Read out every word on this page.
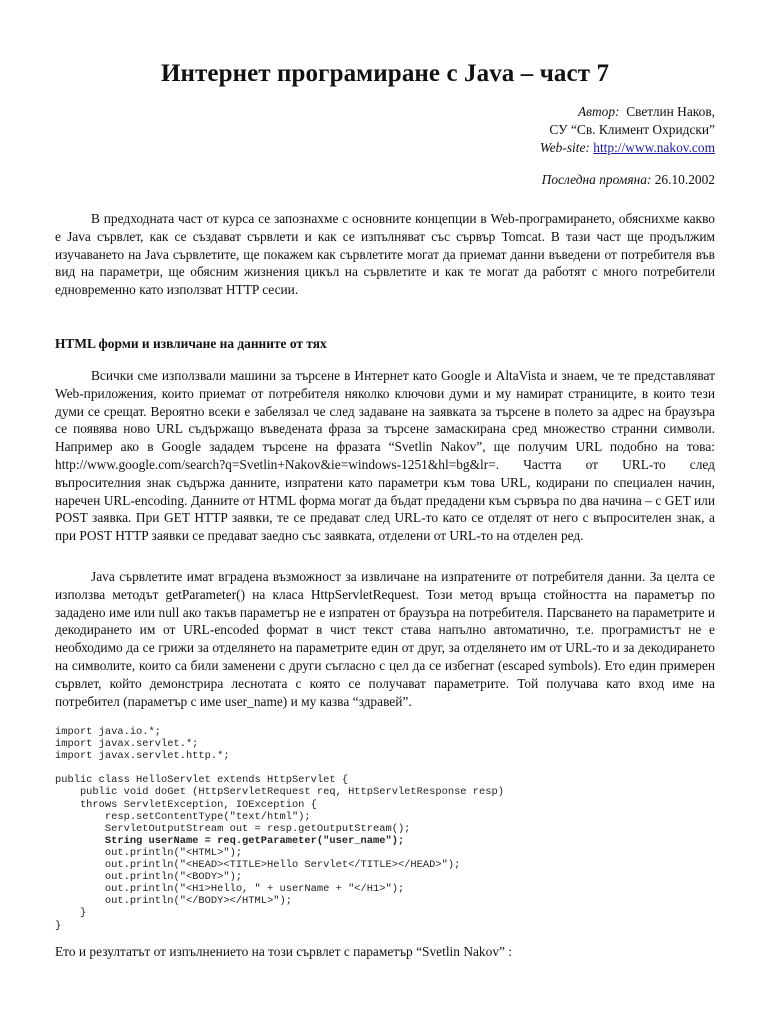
Интернет програмиране с Java – част 7
Автор: Светлин Наков,
СУ “Св. Климент Охридски”
Web-site: http://www.nakov.com
Последна промяна: 26.10.2002

В предходната част от курса се запознахме с основните концепции в Web-програмирането, обяснихме какво е Java сървлет, как се създават сървлети и как се изпълняват със сървър Tomcat. В тази част ще продължим изучаването на Java сървлетите, ще покажем как сървлетите могат да приемат данни въведени от потребителя във вид на параметри, ще обясним жизнения цикъл на сървлетите и как те могат да работят с много потребители едновременно като използват HTTP сесии.

HTML форми и извличане на данните от тях

Всички сме използвали машини за търсене в Интернет като Google и AltaVista и знаем, че те представляват Web-приложения, които приемат от потребителя няколко ключови думи и му намират страниците, в които тези думи се срещат. Вероятно всеки е забелязал че след задаване на заявката за търсене в полето за адрес на браузъра се появява ново URL съдържащо въведената фраза за търсене замаскирана сред множество странни символи. Например ако в Google зададем търсене на фразата “Svetlin Nakov”, ще получим URL подобно на това: http://www.google.com/search?q=Svetlin+Nakov&ie=windows-1251&hl=bg&lr=. Частта от URL-то след въпросителния знак съдържа данните, изпратени като параметри към това URL, кодирани по специален начин, наречен URL-encoding. Данните от HTML форма могат да бъдат предадени към сървъра по два начина – с GET или POST заявка. При GET HTTP заявки, те се предават след URL-то като се отделят от него с въпросителен знак, а при POST HTTP заявки се предават заедно със заявката, отделени от URL-то на отделен ред.

Java сървлетите имат вградена възможност за извличане на изпратените от потребителя данни. За целта се използва методът getParameter() на класа HttpServletRequest. Този метод връща стойността на параметър по зададено име или null ако такъв параметър не е изпратен от браузъра на потребителя. Парсването на параметрите и декодирането им от URL-encoded формат в чист текст става напълно автоматично, т.е. програмистът не е необходимо да се грижи за отделянето на параметрите един от друг, за отделянето им от URL-то и за декодирането на символите, които са били заменени с други съгласно с цел да се избегнат (escaped symbols). Ето един примерен сървлет, който демонстрира леснотата с която се получават параметрите. Той получава като вход име на потребител (параметър с име user_name) и му казва “здравей”.

import java.io.*;
import javax.servlet.*;
import javax.servlet.http.*;

public class HelloServlet extends HttpServlet {
public void doGet (HttpServletRequest req, HttpServletResponse resp)
throws ServletException, IOException {
resp.setContentType("text/html");
ServletOutputStream out = resp.getOutputStream();
String userName = req.getParameter("user_name");
out.println("<HTML>");
out.println("<HEAD><TITLE>Hello Servlet</TITLE></HEAD>");
out.println("<BODY>");
out.println("<H1>Hello, " + userName + "</H1>");
out.println("</BODY></HTML>");
}
}

Ето и резултатът от изпълнението на този сървлет с параметър “Svetlin Nakov” :
